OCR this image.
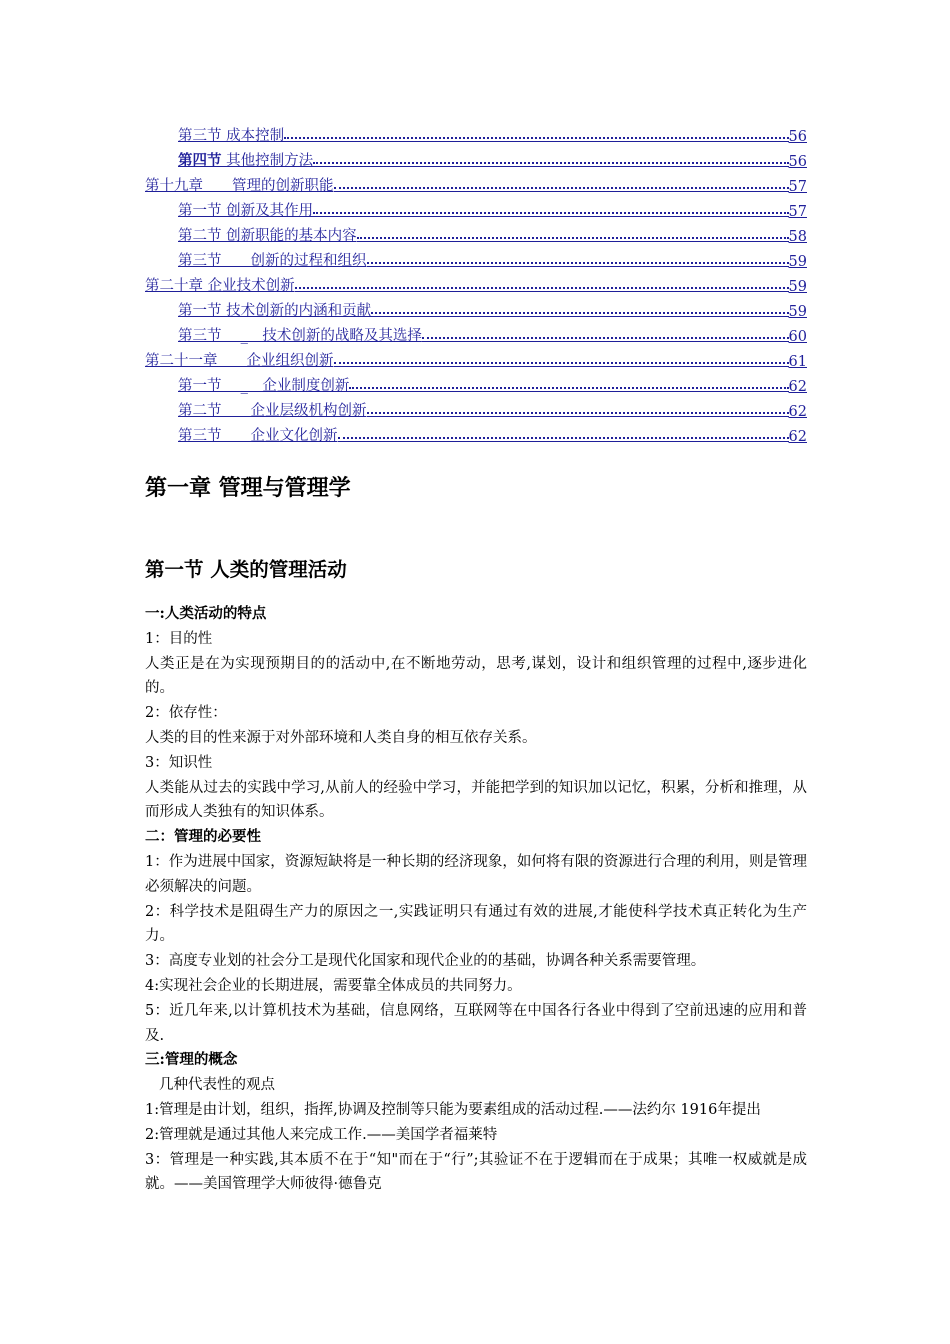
第三节 成本控制	56
第四节 其他控制方法	56
第十九章　　管理的创新职能	57
第一节 创新及其作用	57
第二节 创新职能的基本内容	58
第三节　　创新的过程和组织	59
第二十章 企业技术创新	59
第一节 技术创新的内涵和贡献	59
第三节　 _　技术创新的战略及其选择	60
第二十一章　　企业组织创新	61
第一节　 _　企业制度创新	62
第二节　　企业层级机构创新	62
第三节　　企业文化创新	62
第一章 管理与管理学
第一节 人类的管理活动

一:人类活动的特点

1：目的性

人类正是在为实现预期目的的活动中,在不断地劳动，思考,谋划，设计和组织管理的过程中,逐步进化的。

2：依存性：

人类的目的性来源于对外部环境和人类自身的相互依存关系。

3：知识性

人类能从过去的实践中学习,从前人的经验中学习，并能把学到的知识加以记忆，积累，分析和推理，从而形成人类独有的知识体系。

二：管理的必要性

1：作为进展中国家，资源短缺将是一种长期的经济现象，如何将有限的资源进行合理的利用，则是管理必须解决的问题。

2：科学技术是阻碍生产力的原因之一,实践证明只有通过有效的进展,才能使科学技术真正转化为生产力。

3：高度专业划的社会分工是现代化国家和现代企业的的基础，协调各种关系需要管理。

4:实现社会企业的长期进展，需要靠全体成员的共同努力。

5：近几年来,以计算机技术为基础，信息网络，互联网等在中国各行各业中得到了空前迅速的应用和普及.

三:管理的概念

几种代表性的观点

1:管理是由计划，组织，指挥,协调及控制等只能为要素组成的活动过程.——法约尔 1916年提出

2:管理就是通过其他人来完成工作.——美国学者福莱特

3：管理是一种实践,其本质不在于“知"而在于“行”;其验证不在于逻辑而在于成果；其唯一权威就是成就。——美国管理学大师彼得·德鲁克
